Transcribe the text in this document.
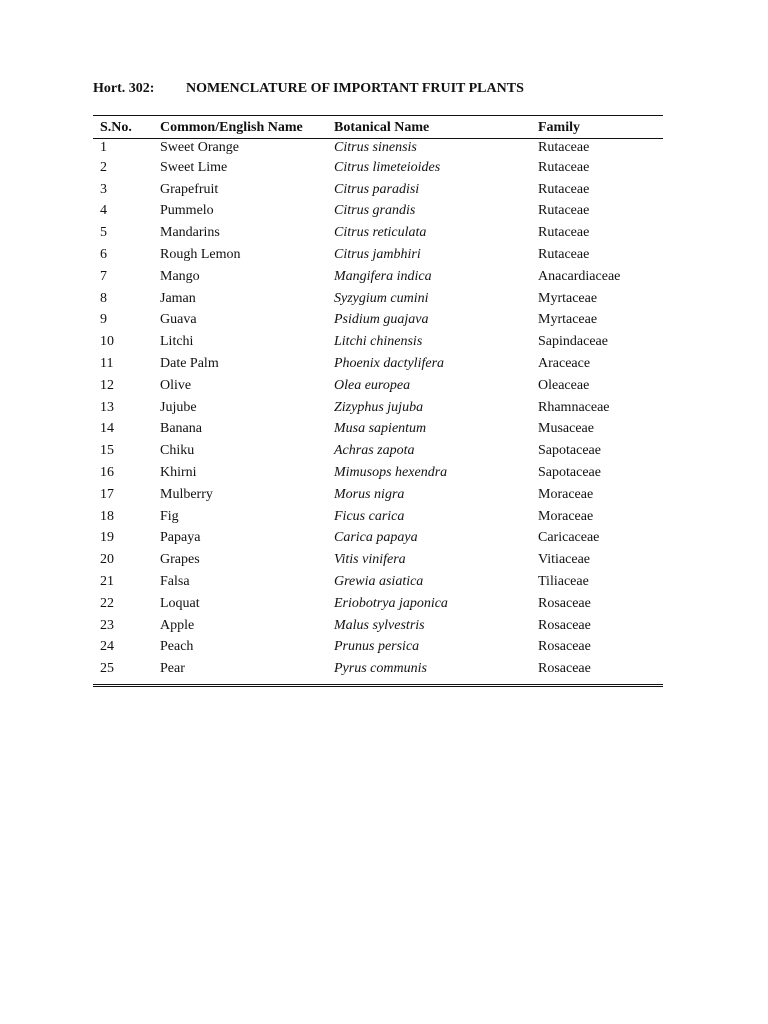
Hort. 302: NOMENCLATURE OF IMPORTANT FRUIT PLANTS
S.No.	Common/English Name	Botanical Name	Family
1	Sweet Orange	Citrus sinensis	Rutaceae
2	Sweet Lime	Citrus limeteioides	Rutaceae
3	Grapefruit	Citrus paradisi	Rutaceae
4	Pummelo	Citrus grandis	Rutaceae
5	Mandarins	Citrus reticulata	Rutaceae
6	Rough Lemon	Citrus jambhiri	Rutaceae
7	Mango	Mangifera indica	Anacardiaceae
8	Jaman	Syzygium cumini	Myrtaceae
9	Guava	Psidium guajava	Myrtaceae
10	Litchi	Litchi chinensis	Sapindaceae
11	Date Palm	Phoenix dactylifera	Araceace
12	Olive	Olea europea	Oleaceae
13	Jujube	Zizyphus jujuba	Rhamnaceae
14	Banana	Musa sapientum	Musaceae
15	Chiku	Achras zapota	Sapotaceae
16	Khirni	Mimusops hexendra	Sapotaceae
17	Mulberry	Morus nigra	Moraceae
18	Fig	Ficus carica	Moraceae
19	Papaya	Carica papaya	Caricaceae
20	Grapes	Vitis vinifera	Vitiaceae
21	Falsa	Grewia asiatica	Tiliaceae
22	Loquat	Eriobotrya japonica	Rosaceae
23	Apple	Malus sylvestris	Rosaceae
24	Peach	Prunus persica	Rosaceae
25	Pear	Pyrus communis	Rosaceae
